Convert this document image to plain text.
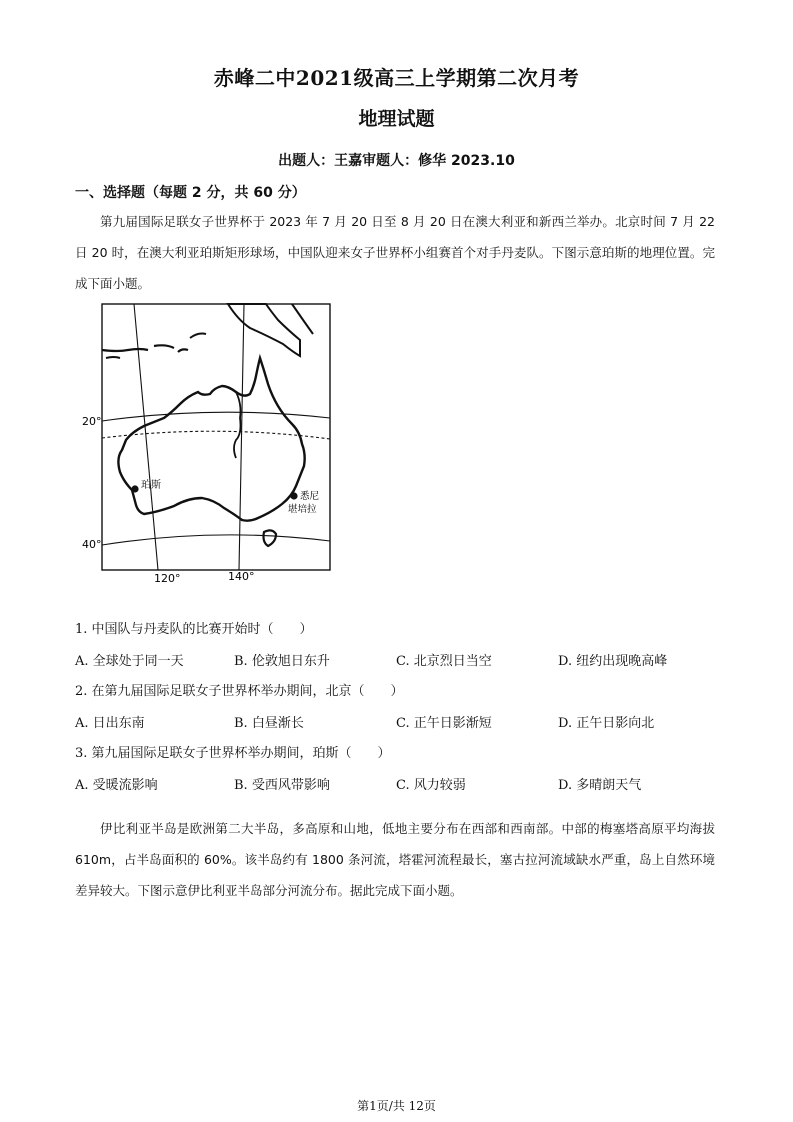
赤峰二中2021级高三上学期第二次月考
地理试题
出题人：王嘉审题人：修华 2023.10
一、选择题（每题 2 分，共 60 分）
第九届国际足联女子世界杯于 2023 年 7 月 20 日至 8 月 20 日在澳大利亚和新西兰举办。北京时间 7 月 22 日 20 时，在澳大利亚珀斯矩形球场，中国队迎来女子世界杯小组赛首个对手丹麦队。下图示意珀斯的地理位置。完成下面小题。
20°
40°
120°	140°
珀斯
悉尼
堪培拉
1. 中国队与丹麦队的比赛开始时（　　）
A. 全球处于同一天	B. 伦敦旭日东升	C. 北京烈日当空	D. 纽约出现晚高峰
2. 在第九届国际足联女子世界杯举办期间，北京（　　）
A. 日出东南	B. 白昼渐长	C. 正午日影渐短	D. 正午日影向北
3. 第九届国际足联女子世界杯举办期间，珀斯（　　）
A. 受暖流影响	B. 受西风带影响	C. 风力较弱	D. 多晴朗天气
伊比利亚半岛是欧洲第二大半岛，多高原和山地，低地主要分布在西部和西南部。中部的梅塞塔高原平均海拔 610m，占半岛面积的 60%。该半岛约有 1800 条河流，塔霍河流程最长，塞古拉河流域缺水严重，岛上自然环境差异较大。下图示意伊比利亚半岛部分河流分布。据此完成下面小题。
第1页/共 12页
